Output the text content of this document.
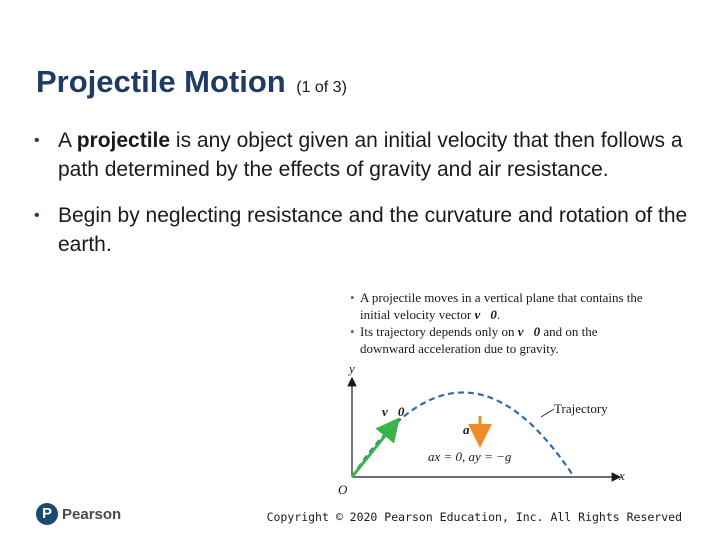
Projectile Motion (1 of 3)
• A projectile is any object given an initial velocity that then follows a path determined by the effects of gravity and air resistance.
• Begin by neglecting resistance and the curvature and rotation of the earth.
• A projectile moves in a vertical plane that contains the initial velocity vector v⃗0.
• Its trajectory depends only on v⃗0 and on the downward acceleration due to gravity.
y
x
O
v⃗0
a⃗
Trajectory
ax = 0, ay = −g
P Pearson	Copyright © 2020 Pearson Education, Inc. All Rights Reserved
